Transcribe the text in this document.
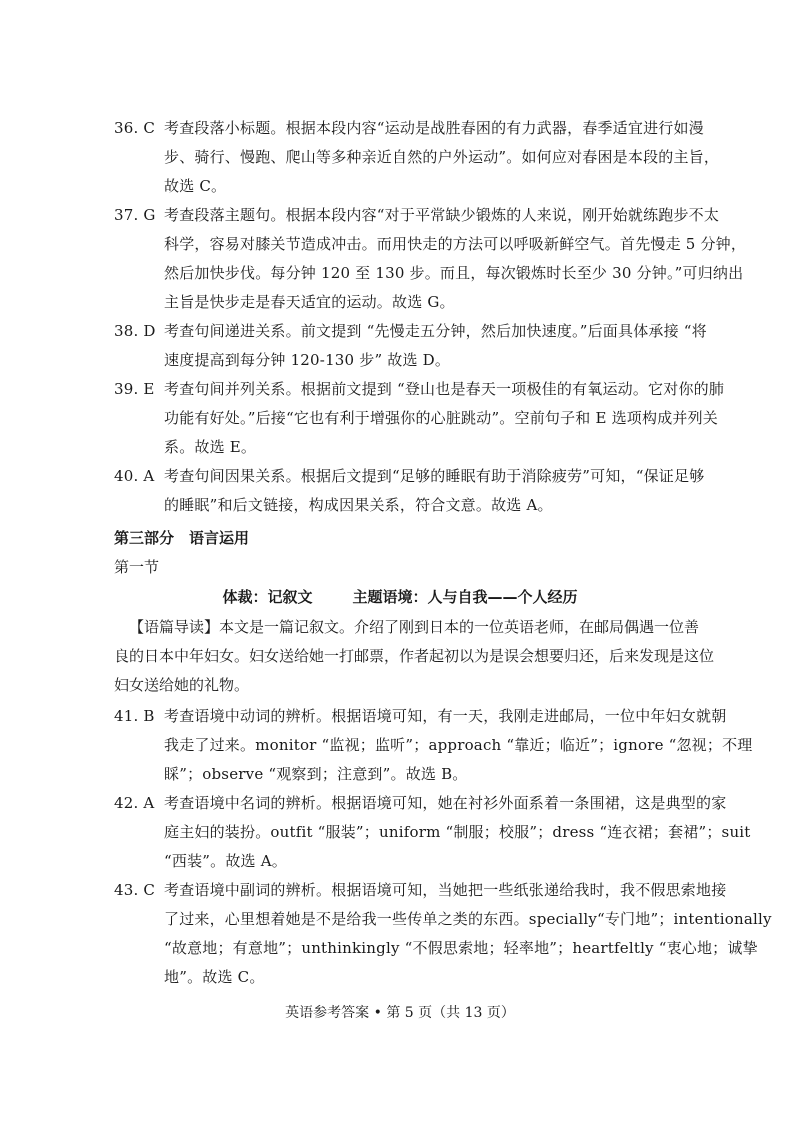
36. C 考查段落小标题。根据本段内容“运动是战胜春困的有力武器，春季适宜进行如漫
步、骑行、慢跑、爬山等多种亲近自然的户外运动”。如何应对春困是本段的主旨，
故选 C。
37. G 考查段落主题句。根据本段内容“对于平常缺少锻炼的人来说，刚开始就练跑步不太
科学，容易对膝关节造成冲击。而用快走的方法可以呼吸新鲜空气。首先慢走 5 分钟，
然后加快步伐。每分钟 120 至 130 步。而且，每次锻炼时长至少 30 分钟。”可归纳出
主旨是快步走是春天适宜的运动。故选 G。
38. D 考查句间递进关系。前文提到 “先慢走五分钟，然后加快速度。”后面具体承接 “将
速度提高到每分钟 120-130 步” 故选 D。
39. E 考查句间并列关系。根据前文提到 “登山也是春天一项极佳的有氧运动。它对你的肺
功能有好处。”后接“它也有利于增强你的心脏跳动”。空前句子和 E 选项构成并列关
系。故选 E。
40. A 考查句间因果关系。根据后文提到“足够的睡眠有助于消除疲劳”可知，“保证足够
的睡眠”和后文链接，构成因果关系，符合文意。故选 A。
第三部分　语言运用
第一节
体裁：记叙文	主题语境：人与自我——个人经历
【语篇导读】本文是一篇记叙文。介绍了刚到日本的一位英语老师，在邮局偶遇一位善
良的日本中年妇女。妇女送给她一打邮票，作者起初以为是误会想要归还，后来发现是这位
妇女送给她的礼物。
41. B 考查语境中动词的辨析。根据语境可知，有一天，我刚走进邮局，一位中年妇女就朝
我走了过来。monitor “监视；监听”；approach “靠近；临近”；ignore “忽视；不理
睬”；observe “观察到；注意到”。故选 B。
42. A 考查语境中名词的辨析。根据语境可知，她在衬衫外面系着一条围裙，这是典型的家
庭主妇的装扮。outfit “服装”；uniform “制服；校服”；dress “连衣裙；套裙”；suit
“西装”。故选 A。
43. C 考查语境中副词的辨析。根据语境可知，当她把一些纸张递给我时，我不假思索地接
了过来，心里想着她是不是给我一些传单之类的东西。specially“专门地”；intentionally
“故意地；有意地”；unthinkingly “不假思索地；轻率地”；heartfeltly “衷心地；诚挚
地”。故选 C。
英语参考答案 • 第 5 页（共 13 页）
